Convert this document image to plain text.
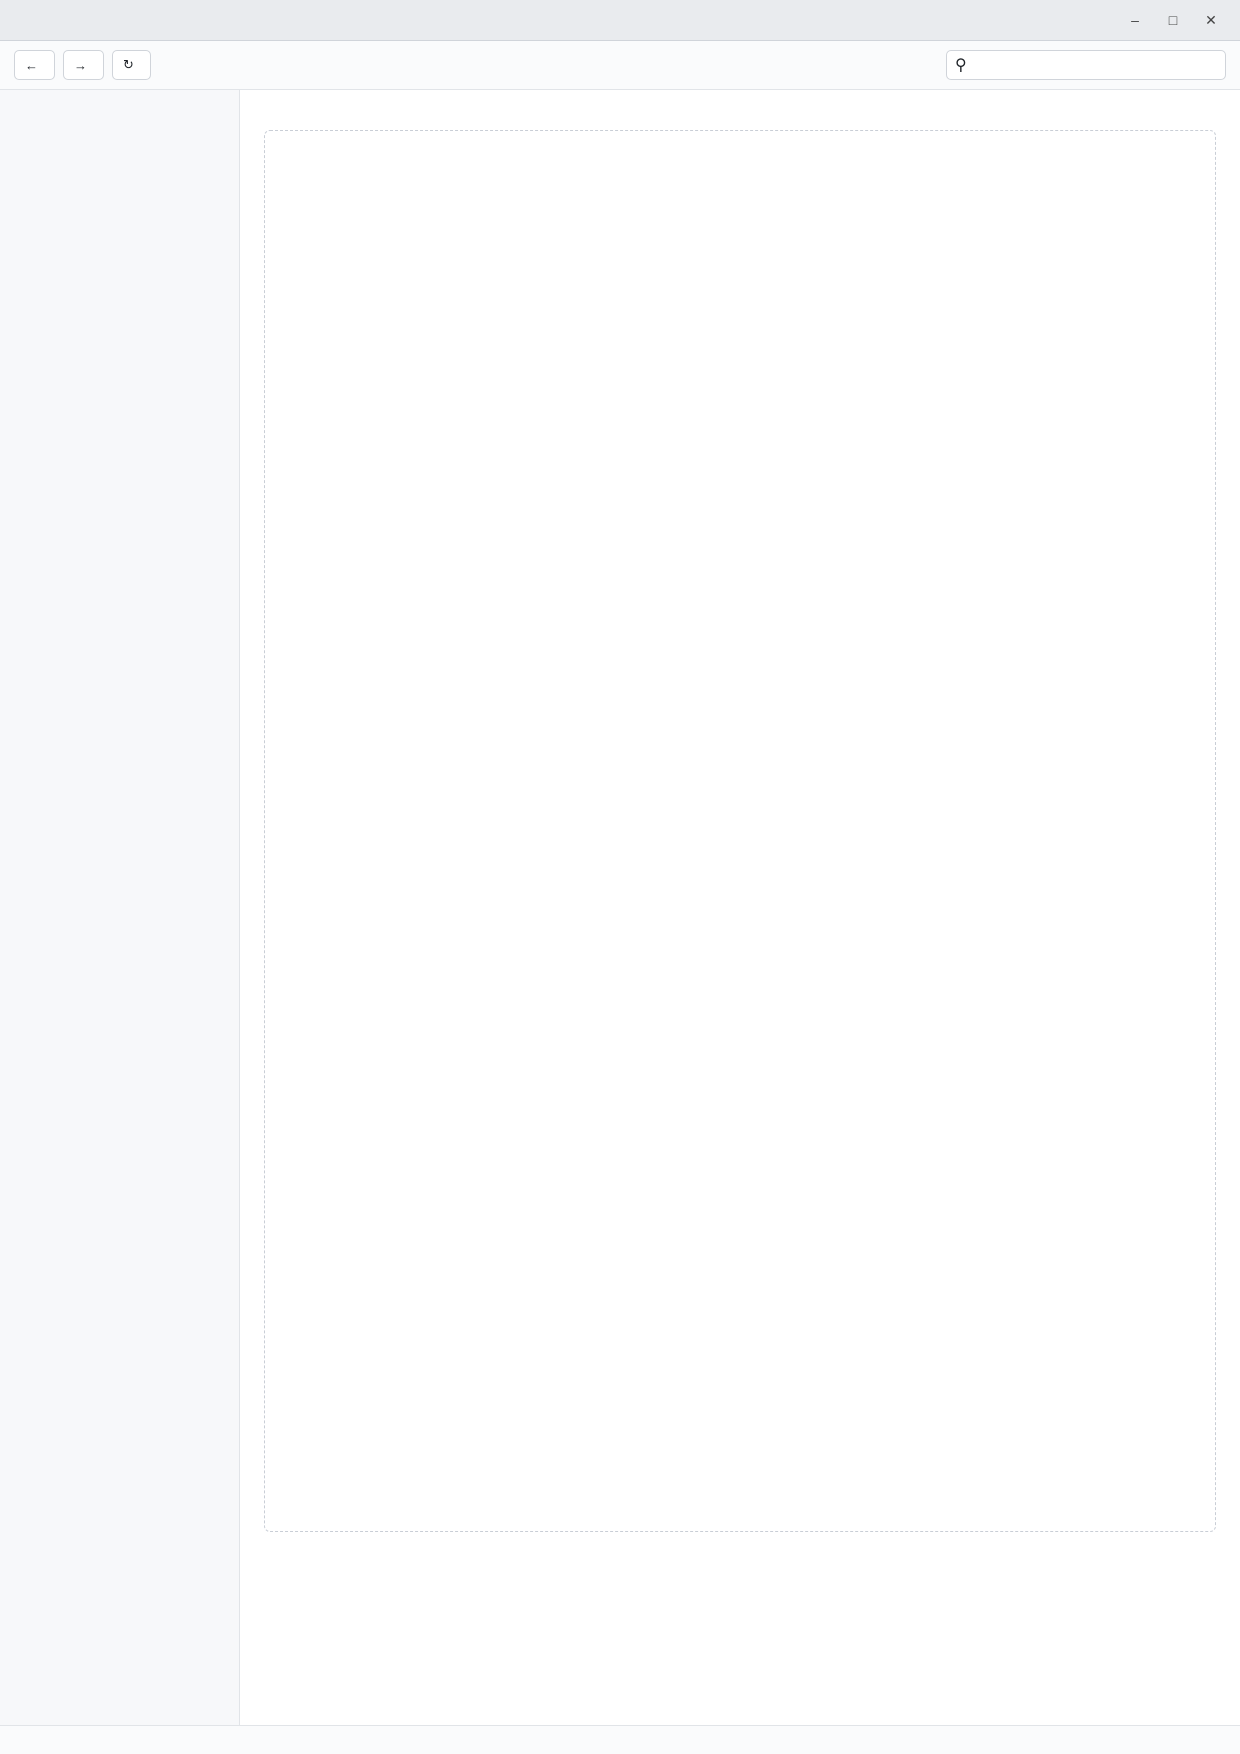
– □ ✕
←	→	↻	⚲
